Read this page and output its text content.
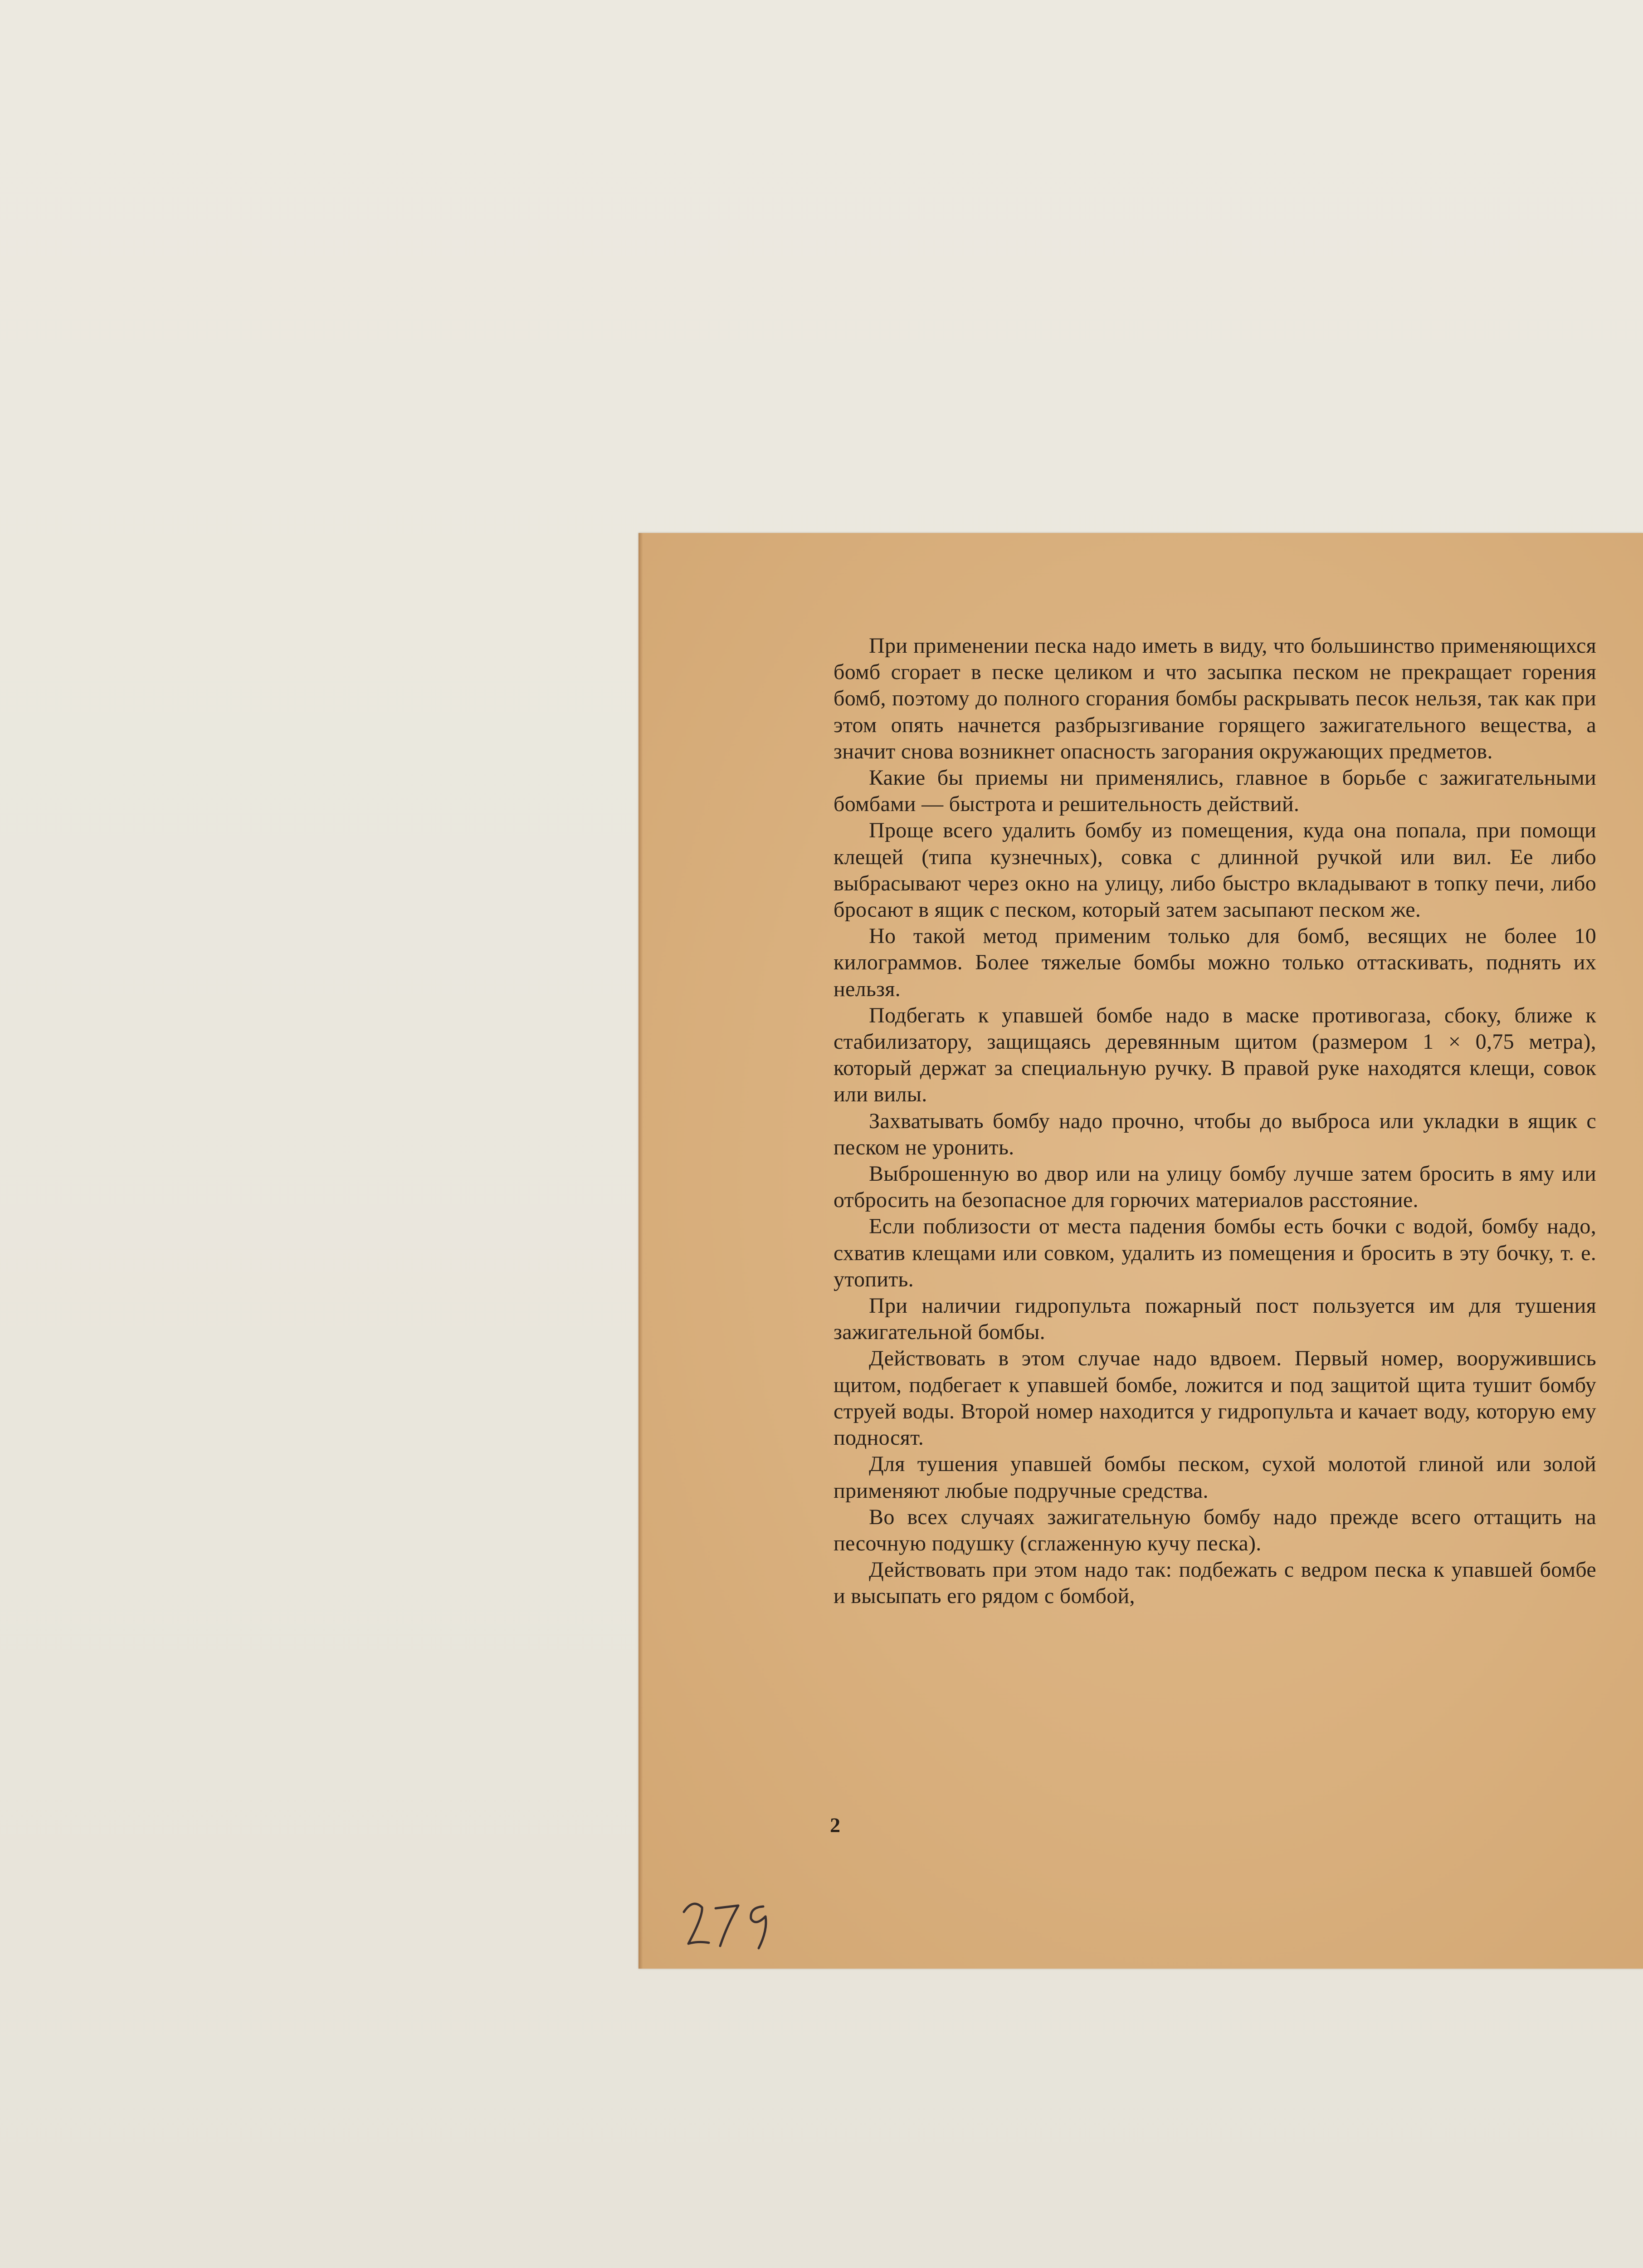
При применении песка надо иметь в виду, что большинство применяющихся бомб сгорает в песке целиком и что засыпка песком не прекращает горения бомб, поэтому до полного сгорания бомбы раскрывать песок нельзя, так как при этом опять начнется разбрызгивание горящего зажигательного вещества, а значит снова возникнет опасность загорания окружающих предметов.

Какие бы приемы ни применялись, главное в борьбе с зажигательными бомбами — быстрота и решительность действий.

Проще всего удалить бомбу из помещения, куда она попала, при помощи клещей (типа кузнечных), совка с длинной ручкой или вил. Ее либо выбрасывают через окно на улицу, либо быстро вкладывают в топку печи, либо бросают в ящик с песком, который затем засыпают песком же.

Но такой метод применим только для бомб, весящих не более 10 килограммов. Более тяжелые бомбы можно только оттаскивать, поднять их нельзя.

Подбегать к упавшей бомбе надо в маске противогаза, сбоку, ближе к стабилизатору, защищаясь деревянным щитом (размером 1 × 0,75 метра), который держат за специальную ручку. В правой руке находятся клещи, совок или вилы.

Захватывать бомбу надо прочно, чтобы до выброса или укладки в ящик с песком не уронить.

Выброшенную во двор или на улицу бомбу лучше затем бросить в яму или отбросить на безопасное для горючих материалов расстояние.

Если поблизости от места падения бомбы есть бочки с водой, бомбу надо, схватив клещами или совком, удалить из помещения и бросить в эту бочку, т. е. утопить.

При наличии гидропульта пожарный пост пользуется им для тушения зажигательной бомбы.

Действовать в этом случае надо вдвоем. Первый номер, вооружившись щитом, подбегает к упавшей бомбе, ложится и под защитой щита тушит бомбу струей воды. Второй номер находится у гидропульта и качает воду, которую ему подносят.

Для тушения упавшей бомбы песком, сухой молотой глиной или золой применяют любые подручные средства.

Во всех случаях зажигательную бомбу надо прежде всего оттащить на песочную подушку (сглаженную кучу песка).

Действовать при этом надо так: подбежать с ведром песка к упавшей бомбе и высыпать его рядом с бомбой,

2
